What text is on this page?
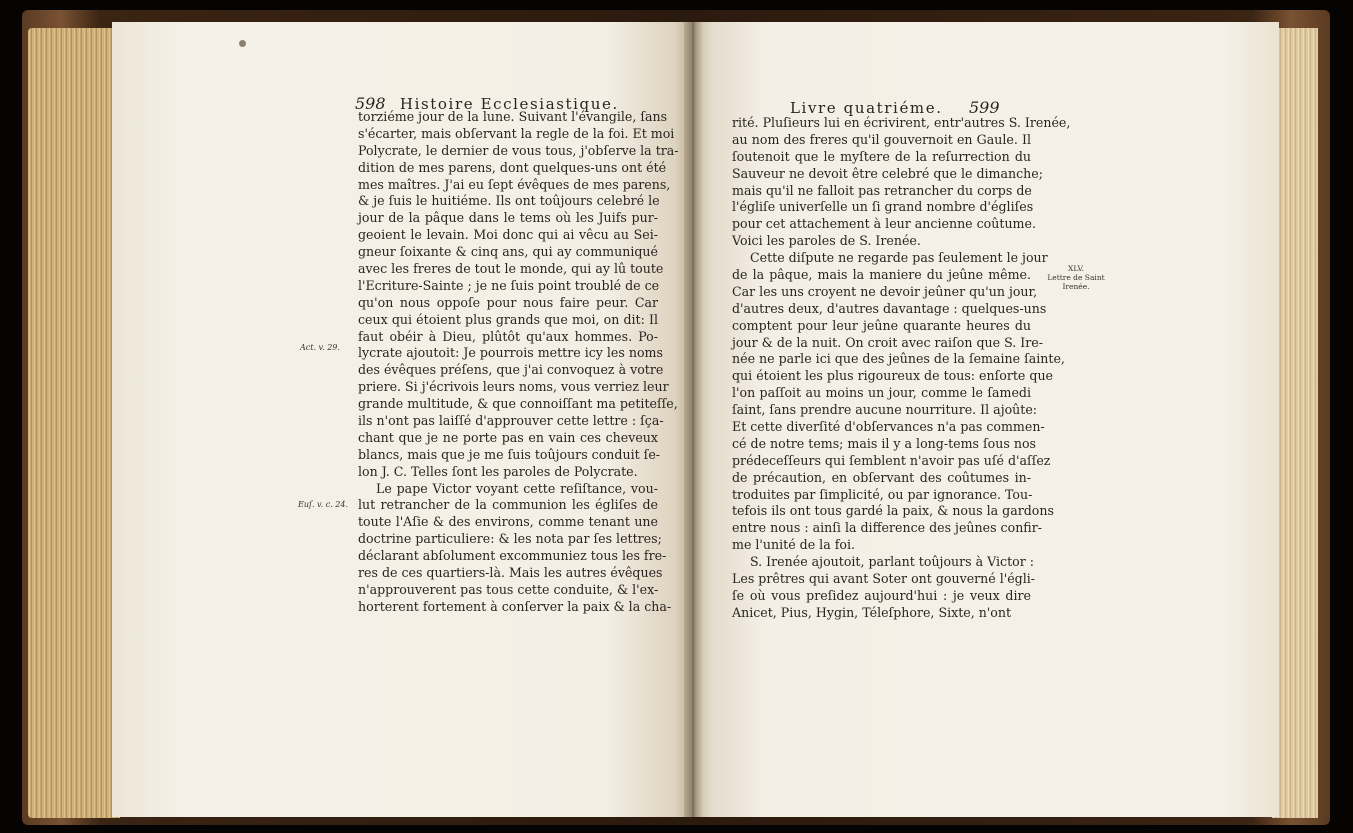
598 Histoire Ecclesiastique.
torziéme jour de la lune. Suivant l'évangile, ſans
s'écarter, mais obſervant la regle de la foi. Et moi
Polycrate, le dernier de vous tous, j'obſerve la tra-
dition de mes parens, dont quelques-uns ont été
mes maîtres. J'ai eu ſept évêques de mes parens,
& je ſuis le huitiéme. Ils ont toûjours celebré le
jour de la pâque dans le tems où les Juifs pur-
geoient le levain. Moi donc qui ai vêcu au Sei-
gneur ſoixante & cinq ans, qui ay communiqué
avec les freres de tout le monde, qui ay lû toute
l'Ecriture-Sainte ; je ne ſuis point troublé de ce
qu'on nous oppoſe pour nous faire peur. Car
ceux qui étoient plus grands que moi, on dit: Il
faut obéir à Dieu, plûtôt qu'aux hommes. Po-
lycrate ajoutoit: Je pourrois mettre icy les noms
des évêques préſens, que j'ai convoquez à votre
priere. Si j'écrivois leurs noms, vous verriez leur
grande multitude, & que connoiſſant ma petiteſſe,
ils n'ont pas laiſſé d'approuver cette lettre : ſça-
chant que je ne porte pas en vain ces cheveux
blancs, mais que je me ſuis toûjours conduit ſe-
lon J. C. Telles ſont les paroles de Polycrate.
Le pape Victor voyant cette reſiſtance, vou-
lut retrancher de la communion les égliſes de
toute l'Aſie & des environs, comme tenant une
doctrine particuliere: & les nota par ſes lettres;
déclarant abſolument excommuniez tous les fre-
res de ces quartiers-là. Mais les autres évêques
n'approuverent pas tous cette conduite, & l'ex-
horterent fortement à conſerver la paix & la cha-
Act. v. 29.
Euſ. v. c. 24.
Livre quatriéme. 599
rité. Pluſieurs lui en écrivirent, entr'autres S. Irenée,
au nom des freres qu'il gouvernoit en Gaule. Il
ſoutenoit que le myſtere de la reſurrection du
Sauveur ne devoit être celebré que le dimanche;
mais qu'il ne falloit pas retrancher du corps de
l'égliſe univerſelle un ſi grand nombre d'égliſes
pour cet attachement à leur ancienne coûtume.
Voici les paroles de S. Irenée.
Cette diſpute ne regarde pas ſeulement le jour
de la pâque, mais la maniere du jeûne même.
Car les uns croyent ne devoir jeûner qu'un jour,
d'autres deux, d'autres davantage : quelques-uns
comptent pour leur jeûne quarante heures du
jour & de la nuit. On croit avec raiſon que S. Ire-
née ne parle ici que des jeûnes de la ſemaine ſainte,
qui étoient les plus rigoureux de tous: enſorte que
l'on paſſoit au moins un jour, comme le ſamedi
ſaint, ſans prendre aucune nourriture. Il ajoûte:
Et cette diverſité d'obſervances n'a pas commen-
cé de notre tems; mais il y a long-tems ſous nos
prédeceſſeurs qui ſemblent n'avoir pas uſé d'aſſez
de précaution, en obſervant des coûtumes in-
troduites par ſimplicité, ou par ignorance. Tou-
tefois ils ont tous gardé la paix, & nous la gardons
entre nous : ainſi la difference des jeûnes confir-
me l'unité de la foi.
S. Irenée ajoutoit, parlant toûjours à Victor :
Les prêtres qui avant Soter ont gouverné l'égli-
ſe où vous preſidez aujourd'hui : je veux dire
Anicet, Pius, Hygin, Téleſphore, Sixte, n'ont
XLV.
Lettre de Saint
Irenée.
